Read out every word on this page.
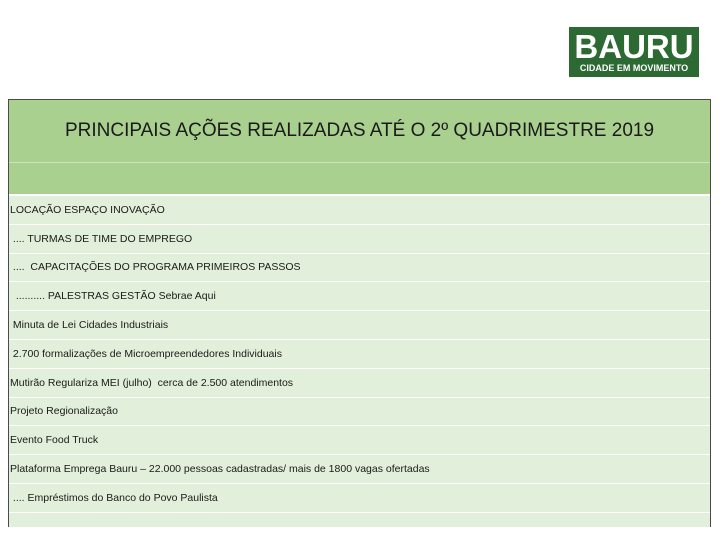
BAURU
CIDADE EM MOVIMENTO
PRINCIPAIS AÇÕES REALIZADAS ATÉ O 2º QUADRIMESTRE 2019
LOCAÇÃO ESPAÇO INOVAÇÃO
.... TURMAS DE TIME DO EMPREGO
....  CAPACITAÇÕES DO PROGRAMA PRIMEIROS PASSOS
.......... PALESTRAS GESTÃO Sebrae Aqui
Minuta de Lei Cidades Industriais
2.700 formalizações de Microempreendedores Individuais
Mutirão Regulariza MEI (julho)  cerca de 2.500 atendimentos
Projeto Regionalização
Evento Food Truck
Plataforma Emprega Bauru – 22.000 pessoas cadastradas/ mais de 1800 vagas ofertadas
.... Empréstimos do Banco do Povo Paulista
